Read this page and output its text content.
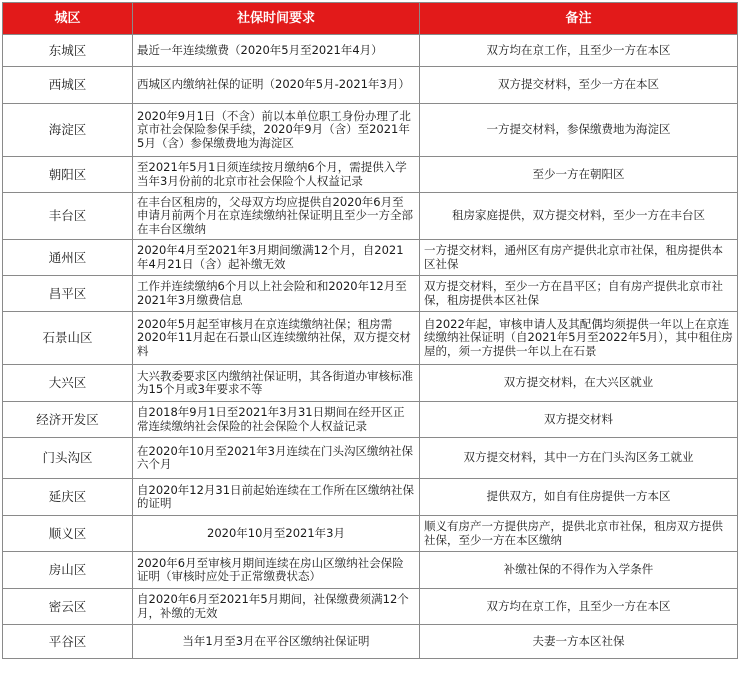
城区	社保时间要求	备注
东城区	最近一年连续缴费（2020年5月至2021年4月）	双方均在京工作，且至少一方在本区
西城区	西城区内缴纳社保的证明（2020年5月-2021年3月）	双方提交材料，至少一方在本区
海淀区	2020年9月1日（不含）前以本单位职工身份办理了北京市社会保险参保手续，2020年9月（含）至2021年5月（含）参保缴费地为海淀区	一方提交材料，参保缴费地为海淀区
朝阳区	至2021年5月1日须连续按月缴纳6个月，需提供入学当年3月份前的北京市社会保险个人权益记录	至少一方在朝阳区
丰台区	在丰台区租房的，父母双方均应提供自2020年6月至申请月前两个月在京连续缴纳社保证明且至少一方全部在丰台区缴纳	租房家庭提供，双方提交材料，至少一方在丰台区
通州区	2020年4月至2021年3月期间缴满12个月，自2021年4月21日（含）起补缴无效	一方提交材料，通州区有房产提供北京市社保，租房提供本区社保
昌平区	工作并连续缴纳6个月以上社会险和和2020年12月至2021年3月缴费信息	双方提交材料，至少一方在昌平区；自有房产提供北京市社保，租房提供本区社保
石景山区	2020年5月起至审核月在京连续缴纳社保；租房需2020年11月起在石景山区连续缴纳社保，双方提交材料	自2022年起，审核申请人及其配偶均须提供一年以上在京连续缴纳社保证明（自2021年5月至2022年5月），其中租住房屋的，须一方提供一年以上在石景
大兴区	大兴教委要求区内缴纳社保证明，其各街道办审核标准为15个月或3年要求不等	双方提交材料，在大兴区就业
经济开发区	自2018年9月1日至2021年3月31日期间在经开区正常连续缴纳社会保险的社会保险个人权益记录	双方提交材料
门头沟区	在2020年10月至2021年3月连续在门头沟区缴纳社保六个月	双方提交材料，其中一方在门头沟区务工就业
延庆区	自2020年12月31日前起始连续在工作所在区缴纳社保的证明	提供双方，如自有住房提供一方本区
顺义区	2020年10月至2021年3月	顺义有房产一方提供房产，提供北京市社保，租房双方提供社保，至少一方在本区缴纳
房山区	2020年6月至审核月期间连续在房山区缴纳社会保险证明（审核时应处于正常缴费状态）	补缴社保的不得作为入学条件
密云区	自2020年6月至2021年5月期间，社保缴费须满12个月，补缴的无效	双方均在京工作，且至少一方在本区
平谷区	当年1月至3月在平谷区缴纳社保证明	夫妻一方本区社保
